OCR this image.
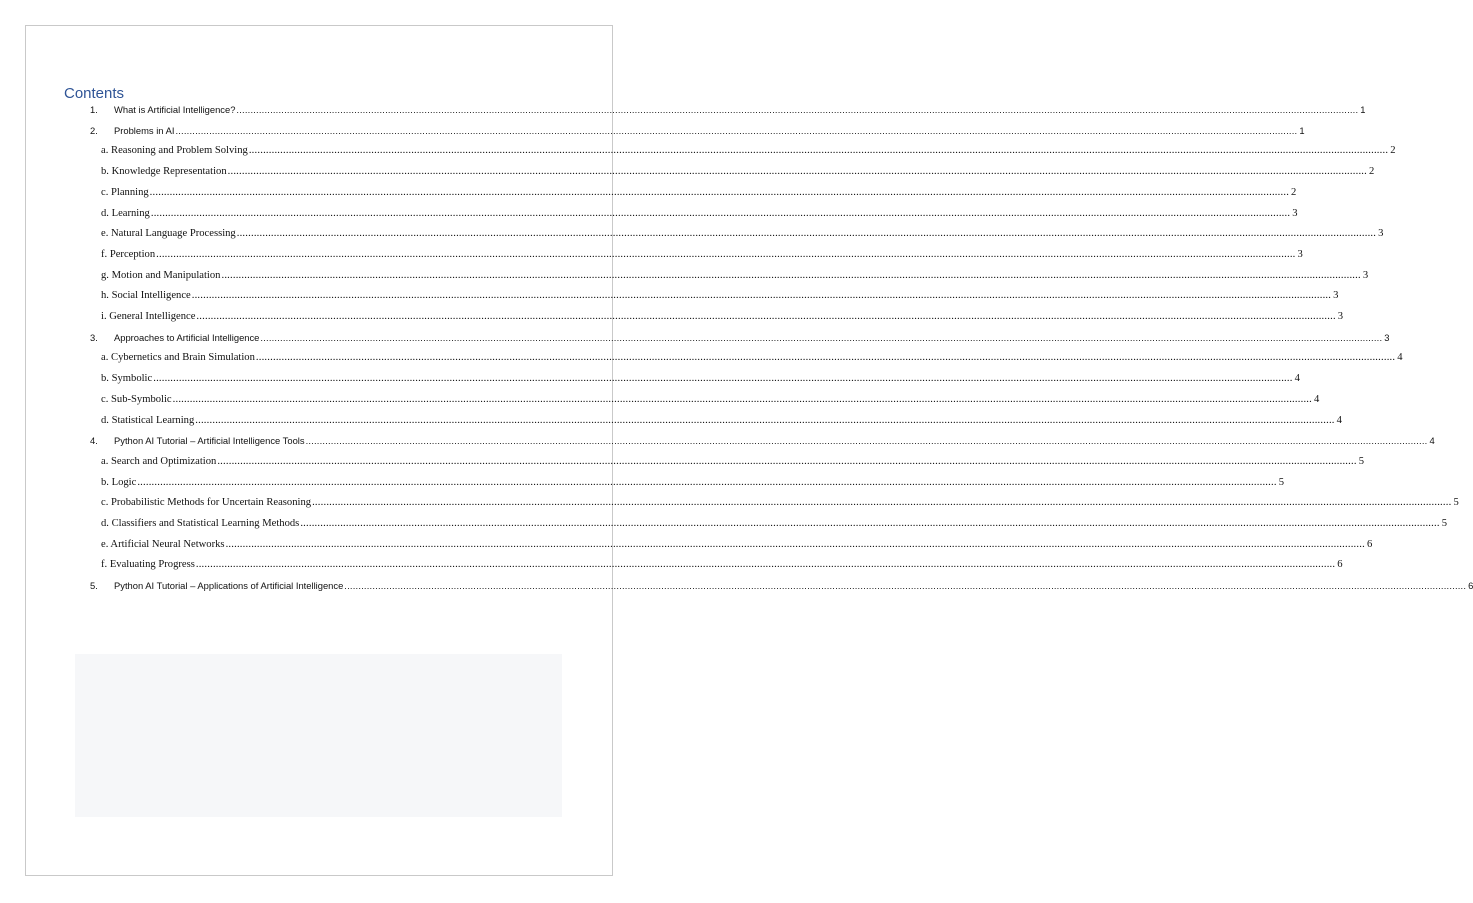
Contents
1.	What is Artificial Intelligence? ................................................................................................................................................................................................................................................................................................................................................................................................................ 1
2.	Problems in AI ................................................................................................................................................................................................................................................................................................................................................................................................................ 1
a. Reasoning and Problem Solving ................................................................................................................................................................................................................................................................................................................................................................................................................ 2
b. Knowledge Representation ................................................................................................................................................................................................................................................................................................................................................................................................................ 2
c. Planning ................................................................................................................................................................................................................................................................................................................................................................................................................ 2
d. Learning ................................................................................................................................................................................................................................................................................................................................................................................................................ 3
e. Natural Language Processing ................................................................................................................................................................................................................................................................................................................................................................................................................ 3
f. Perception ................................................................................................................................................................................................................................................................................................................................................................................................................ 3
g. Motion and Manipulation ................................................................................................................................................................................................................................................................................................................................................................................................................ 3
h. Social Intelligence ................................................................................................................................................................................................................................................................................................................................................................................................................ 3
i. General Intelligence ................................................................................................................................................................................................................................................................................................................................................................................................................ 3
3.	Approaches to Artificial Intelligence ................................................................................................................................................................................................................................................................................................................................................................................................................ 3
a. Cybernetics and Brain Simulation ................................................................................................................................................................................................................................................................................................................................................................................................................ 4
b. Symbolic ................................................................................................................................................................................................................................................................................................................................................................................................................ 4
c. Sub-Symbolic ................................................................................................................................................................................................................................................................................................................................................................................................................ 4
d. Statistical Learning ................................................................................................................................................................................................................................................................................................................................................................................................................ 4
4.	Python AI Tutorial – Artificial Intelligence Tools ................................................................................................................................................................................................................................................................................................................................................................................................................ 4
a. Search and Optimization ................................................................................................................................................................................................................................................................................................................................................................................................................ 5
b. Logic ................................................................................................................................................................................................................................................................................................................................................................................................................ 5
c. Probabilistic Methods for Uncertain Reasoning ................................................................................................................................................................................................................................................................................................................................................................................................................ 5
d. Classifiers and Statistical Learning Methods ................................................................................................................................................................................................................................................................................................................................................................................................................ 5
e. Artificial Neural Networks ................................................................................................................................................................................................................................................................................................................................................................................................................ 6
f. Evaluating Progress ................................................................................................................................................................................................................................................................................................................................................................................................................ 6
5.	Python AI Tutorial – Applications of Artificial Intelligence ................................................................................................................................................................................................................................................................................................................................................................................................................ 6
